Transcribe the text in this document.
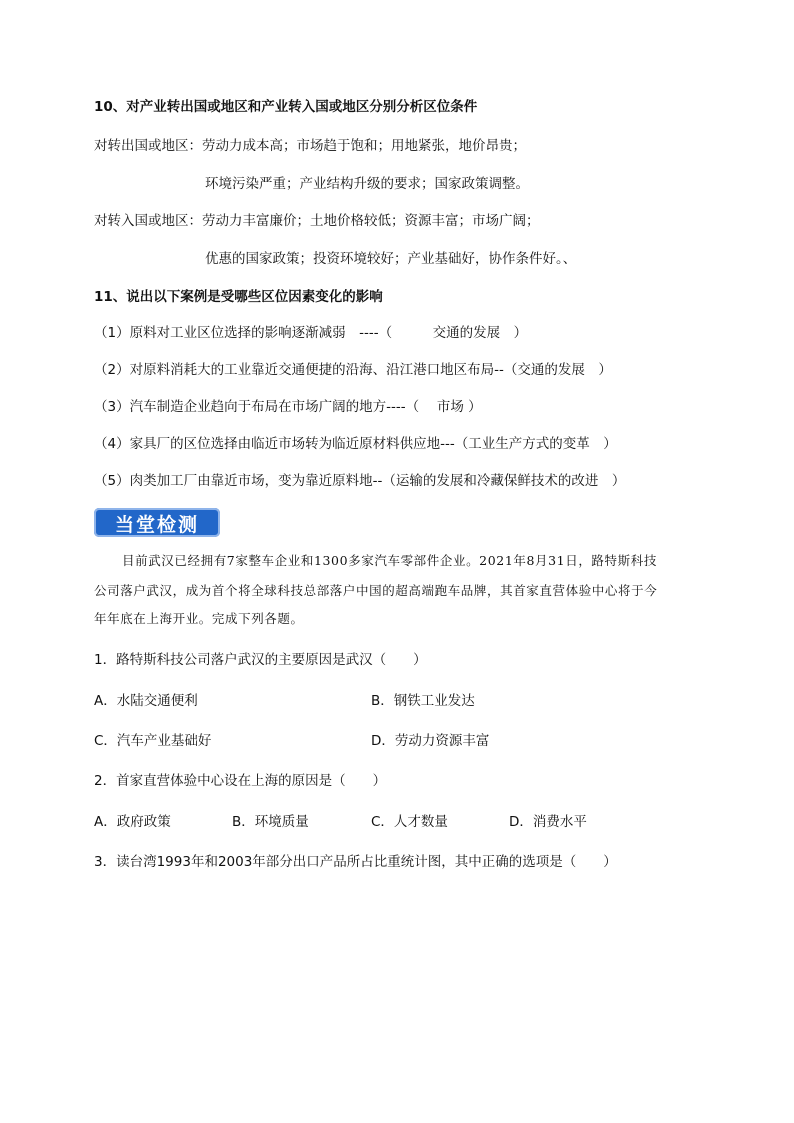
10、对产业转出国或地区和产业转入国或地区分别分析区位条件
对转出国或地区：劳动力成本高；市场趋于饱和；用地紧张，地价昂贵；
环境污染严重；产业结构升级的要求；国家政策调整。
对转入国或地区：劳动力丰富廉价；土地价格较低；资源丰富；市场广阔；
优惠的国家政策；投资环境较好；产业基础好，协作条件好。、
11、说出以下案例是受哪些区位因素变化的影响
（1）原料对工业区位选择的影响逐渐减弱　----（　　　交通的发展　）
（2）对原料消耗大的工业靠近交通便捷的沿海、沿江港口地区布局--（交通的发展　）
（3）汽车制造企业趋向于布局在市场广阔的地方----（　 市场 ）
（4）家具厂的区位选择由临近市场转为临近原材料供应地---（工业生产方式的变革　）
（5）肉类加工厂由靠近市场，变为靠近原料地--（运输的发展和冷藏保鲜技术的改进　）
当堂检测
目前武汉已经拥有7家整车企业和1300多家汽车零部件企业。2021年8月31日，路特斯科技
公司落户武汉，成为首个将全球科技总部落户中国的超高端跑车品牌，其首家直营体验中心将于今
年年底在上海开业。完成下列各题。
1．路特斯科技公司落户武汉的主要原因是武汉（　　）
A．水陆交通便利	B．钢铁工业发达
C．汽车产业基础好	D．劳动力资源丰富
2．首家直营体验中心设在上海的原因是（　　）
A．政府政策	B．环境质量	C．人才数量	D．消费水平
3．读台湾1993年和2003年部分出口产品所占比重统计图，其中正确的选项是（　　）
